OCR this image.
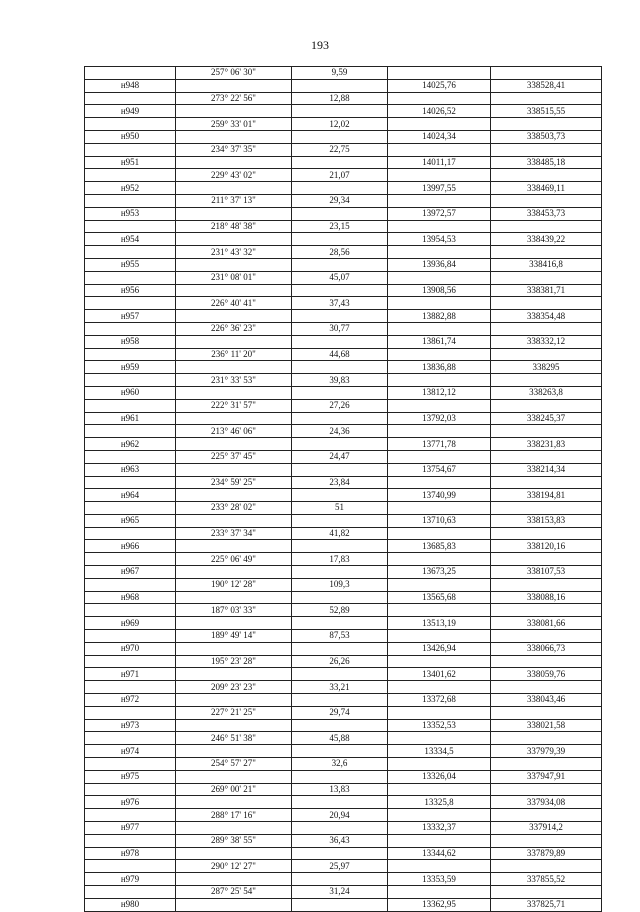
193
	257° 06' 30"	9,59		
н948			14025,76	338528,41
	273° 22' 56"	12,88		
н949			14026,52	338515,55
	259° 33' 01"	12,02		
н950			14024,34	338503,73
	234° 37' 35"	22,75		
н951			14011,17	338485,18
	229° 43' 02"	21,07		
н952			13997,55	338469,11
	211° 37' 13"	29,34		
н953			13972,57	338453,73
	218° 48' 38"	23,15		
н954			13954,53	338439,22
	231° 43' 32"	28,56		
н955			13936,84	338416,8
	231° 08' 01"	45,07		
н956			13908,56	338381,71
	226° 40' 41"	37,43		
н957			13882,88	338354,48
	226° 36' 23"	30,77		
н958			13861,74	338332,12
	236° 11' 20"	44,68		
н959			13836,88	338295
	231° 33' 53"	39,83		
н960			13812,12	338263,8
	222° 31' 57"	27,26		
н961			13792,03	338245,37
	213° 46' 06"	24,36		
н962			13771,78	338231,83
	225° 37' 45"	24,47		
н963			13754,67	338214,34
	234° 59' 25"	23,84		
н964			13740,99	338194,81
	233° 28' 02"	51		
н965			13710,63	338153,83
	233° 37' 34"	41,82		
н966			13685,83	338120,16
	225° 06' 49"	17,83		
н967			13673,25	338107,53
	190° 12' 28"	109,3		
н968			13565,68	338088,16
	187° 03' 33"	52,89		
н969			13513,19	338081,66
	189° 49' 14"	87,53		
н970			13426,94	338066,73
	195° 23' 28"	26,26		
н971			13401,62	338059,76
	209° 23' 23"	33,21		
н972			13372,68	338043,46
	227° 21' 25"	29,74		
н973			13352,53	338021,58
	246° 51' 38"	45,88		
н974			13334,5	337979,39
	254° 57' 27"	32,6		
н975			13326,04	337947,91
	269° 00' 21"	13,83		
н976			13325,8	337934,08
	288° 17' 16"	20,94		
н977			13332,37	337914,2
	289° 38' 55"	36,43		
н978			13344,62	337879,89
	290° 12' 27"	25,97		
н979			13353,59	337855,52
	287° 25' 54"	31,24		
н980			13362,95	337825,71
